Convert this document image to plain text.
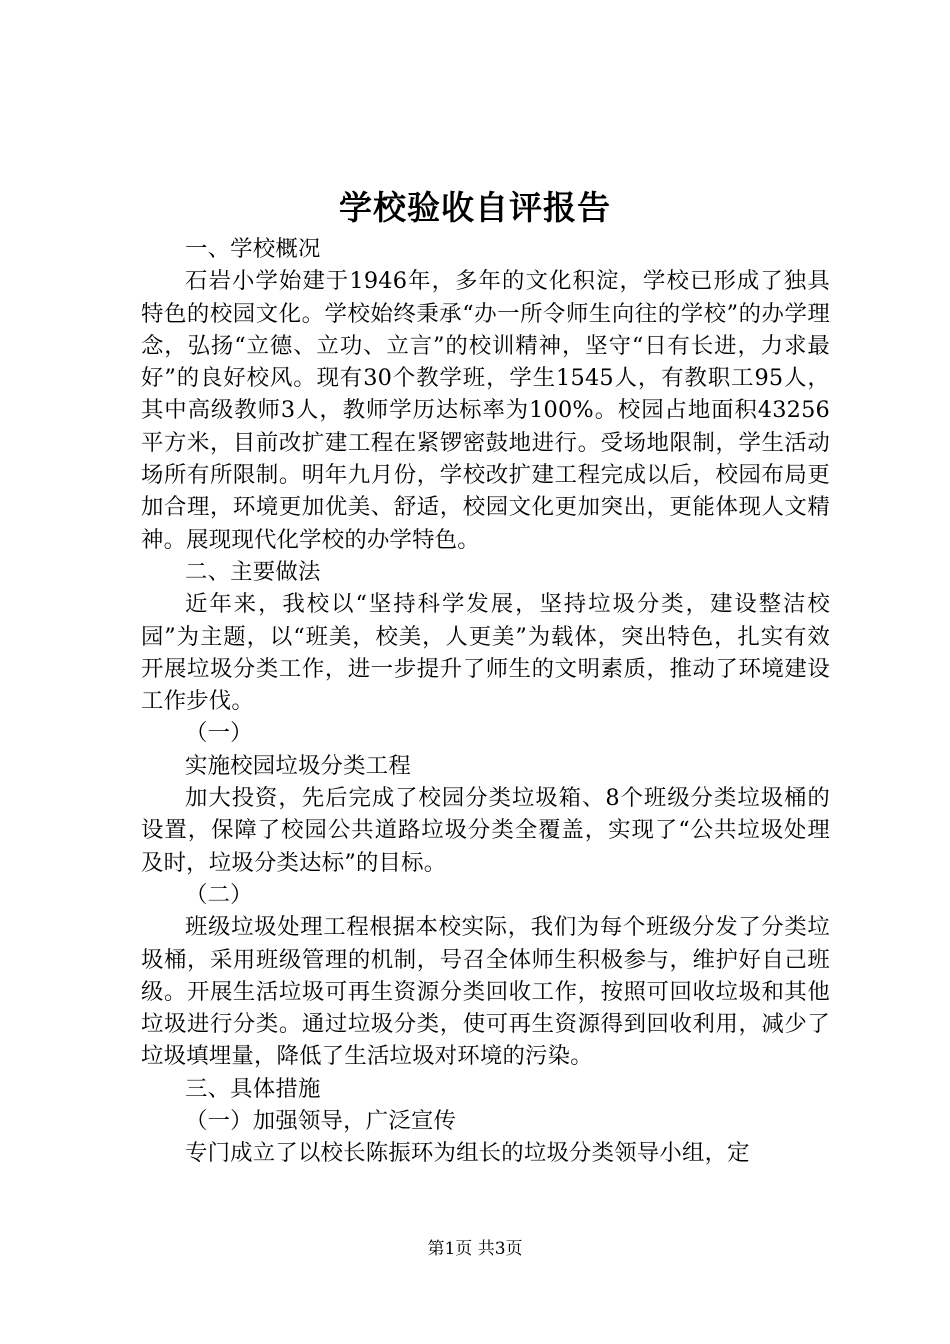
学校验收自评报告

一、学校概况

石岩小学始建于1946年，多年的文化积淀，学校已形成了独具特色的校园文化。学校始终秉承“办一所令师生向往的学校”的办学理念，弘扬“立德、立功、立言”的校训精神，坚守“日有长进，力求最好”的良好校风。现有30个教学班，学生1545人，有教职工95人，其中高级教师3人，教师学历达标率为100%。校园占地面积43256平方米，目前改扩建工程在紧锣密鼓地进行。受场地限制，学生活动场所有所限制。明年九月份，学校改扩建工程完成以后，校园布局更加合理，环境更加优美、舒适，校园文化更加突出，更能体现人文精神。展现现代化学校的办学特色。

二、主要做法

近年来，我校以“坚持科学发展，坚持垃圾分类，建设整洁校园”为主题，以“班美，校美，人更美”为载体，突出特色，扎实有效开展垃圾分类工作，进一步提升了师生的文明素质，推动了环境建设工作步伐。

（一）

实施校园垃圾分类工程

加大投资，先后完成了校园分类垃圾箱、8个班级分类垃圾桶的设置，保障了校园公共道路垃圾分类全覆盖，实现了“公共垃圾处理及时，垃圾分类达标”的目标。

（二）

班级垃圾处理工程根据本校实际，我们为每个班级分发了分类垃圾桶，采用班级管理的机制，号召全体师生积极参与，维护好自己班级。开展生活垃圾可再生资源分类回收工作，按照可回收垃圾和其他垃圾进行分类。通过垃圾分类，使可再生资源得到回收利用，减少了垃圾填埋量，降低了生活垃圾对环境的污染。

三、具体措施

（一）加强领导，广泛宣传

专门成立了以校长陈振环为组长的垃圾分类领导小组，定

第1页 共3页
